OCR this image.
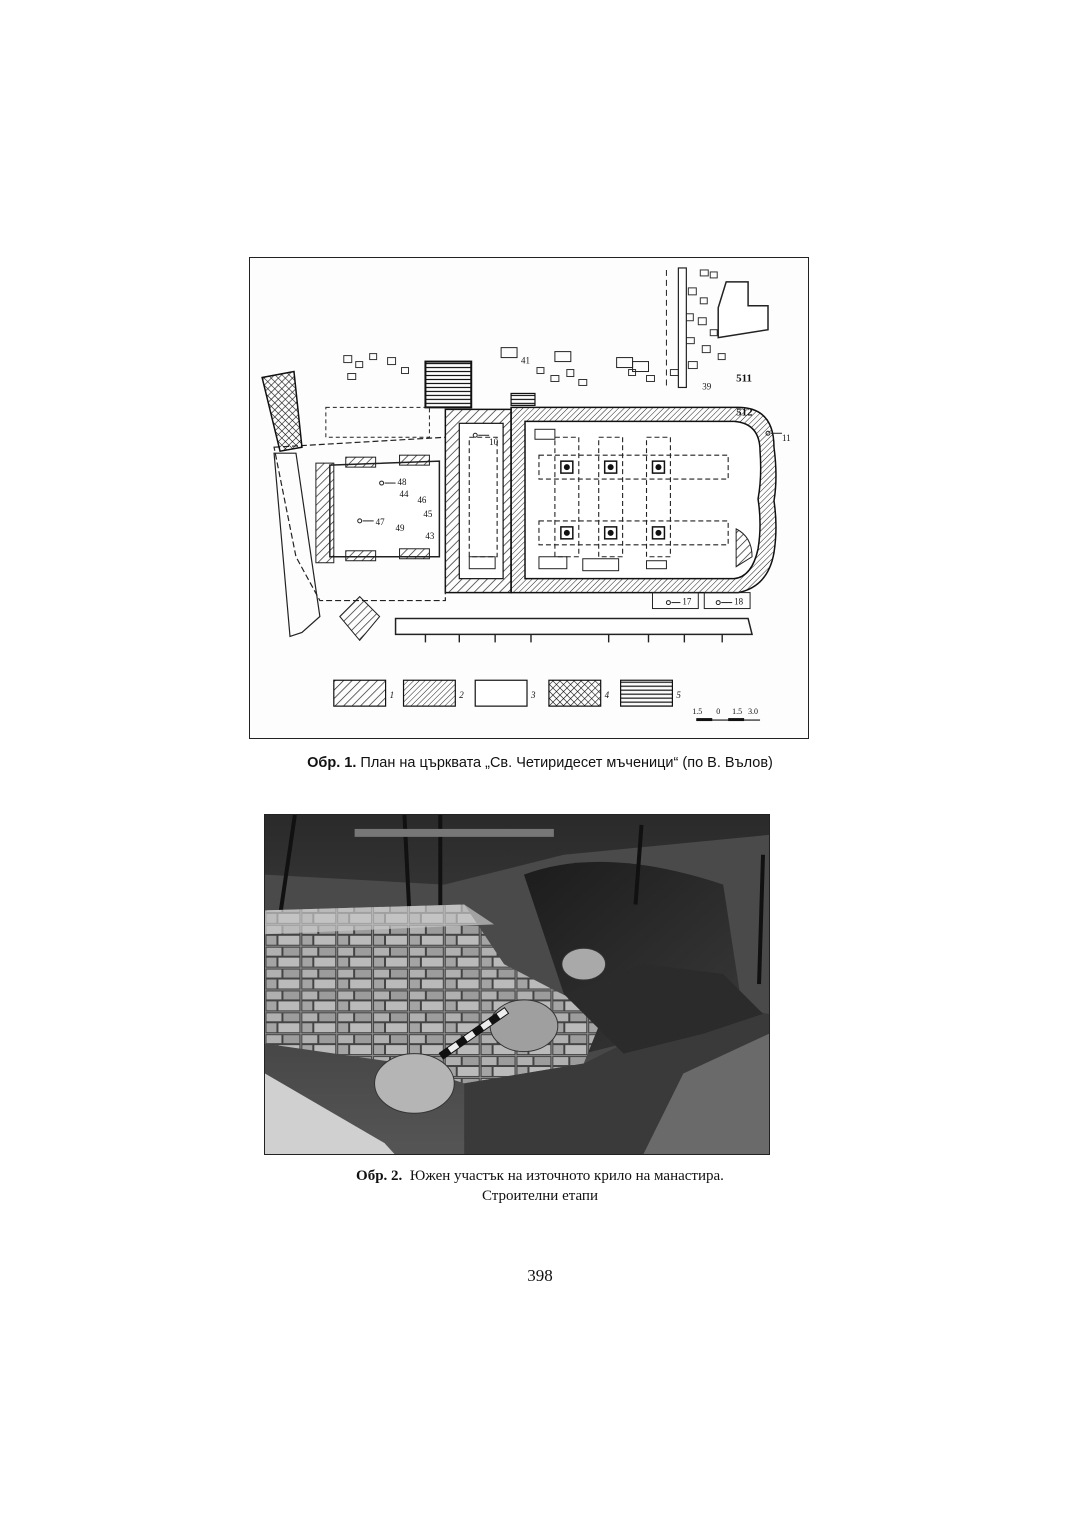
41
39
511
512
11
10
48
44
46
45
47
49
43
17	18
1	2	3	4	5
1.5 0 1.5 3.0
Обр. 1. План на църквата „Св. Четиридесет мъченици“ (по В. Вълов)
Обр. 2.  Южен участък на източното крило на манастира.
Строителни етапи
398
